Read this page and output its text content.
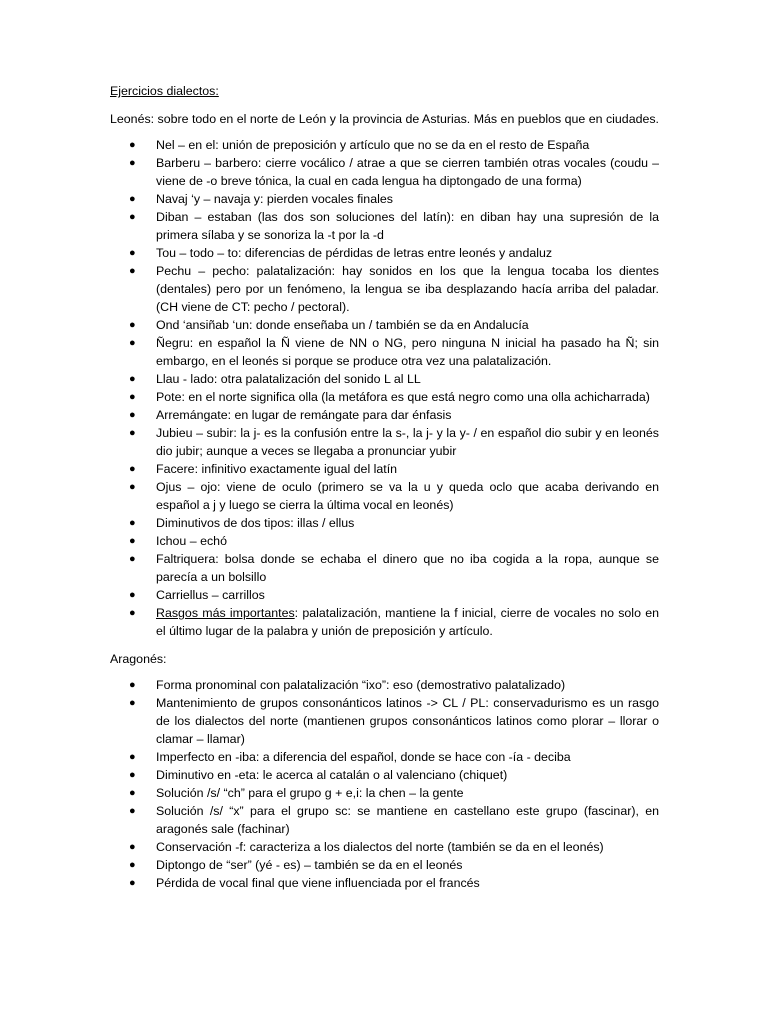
Ejercicios dialectos:
Leonés: sobre todo en el norte de León y la provincia de Asturias. Más en pueblos que en ciudades.
● Nel – en el: unión de preposición y artículo que no se da en el resto de España
● Barberu – barbero: cierre vocálico / atrae a que se cierren también otras vocales (coudu – viene de -o breve tónica, la cual en cada lengua ha diptongado de una forma)
● Navaj ‘y – navaja y: pierden vocales finales
● Diban – estaban (las dos son soluciones del latín): en diban hay una supresión de la primera sílaba y se sonoriza la -t por la -d
● Tou – todo – to: diferencias de pérdidas de letras entre leonés y andaluz
● Pechu – pecho: palatalización: hay sonidos en los que la lengua tocaba los dientes (dentales) pero por un fenómeno, la lengua se iba desplazando hacía arriba del paladar. (CH viene de CT: pecho / pectoral).
● Ond ‘ansiñab ‘un: donde enseñaba un / también se da en Andalucía
● Ñegru: en español la Ñ viene de NN o NG, pero ninguna N inicial ha pasado ha Ñ; sin embargo, en el leonés si porque se produce otra vez una palatalización.
● Llau - lado: otra palatalización del sonido L al LL
● Pote: en el norte significa olla (la metáfora es que está negro como una olla achicharrada)
● Arremángate: en lugar de remángate para dar énfasis
● Jubieu – subir: la j- es la confusión entre la s-, la j- y la y- / en español dio subir y en leonés dio jubir; aunque a veces se llegaba a pronunciar yubir
● Facere: infinitivo exactamente igual del latín
● Ojus – ojo: viene de oculo (primero se va la u y queda oclo que acaba derivando en español a j y luego se cierra la última vocal en leonés)
● Diminutivos de dos tipos: illas / ellus
● Ichou – echó
● Faltriquera: bolsa donde se echaba el dinero que no iba cogida a la ropa, aunque se parecía a un bolsillo
● Carriellus – carrillos
● Rasgos más importantes: palatalización, mantiene la f inicial, cierre de vocales no solo en el último lugar de la palabra y unión de preposición y artículo.
Aragonés:
● Forma pronominal con palatalización “ixo”: eso (demostrativo palatalizado)
● Mantenimiento de grupos consonánticos latinos -> CL / PL: conservadurismo es un rasgo de los dialectos del norte (mantienen grupos consonánticos latinos como plorar – llorar o clamar – llamar)
● Imperfecto en -iba: a diferencia del español, donde se hace con -ía - deciba
● Diminutivo en -eta: le acerca al catalán o al valenciano (chiquet)
● Solución /s/ “ch” para el grupo g + e,i: la chen – la gente
● Solución /s/ “x” para el grupo sc: se mantiene en castellano este grupo (fascinar), en aragonés sale (fachinar)
● Conservación -f: caracteriza a los dialectos del norte (también se da en el leonés)
● Diptongo de “ser” (yé - es) – también se da en el leonés
● Pérdida de vocal final que viene influenciada por el francés
